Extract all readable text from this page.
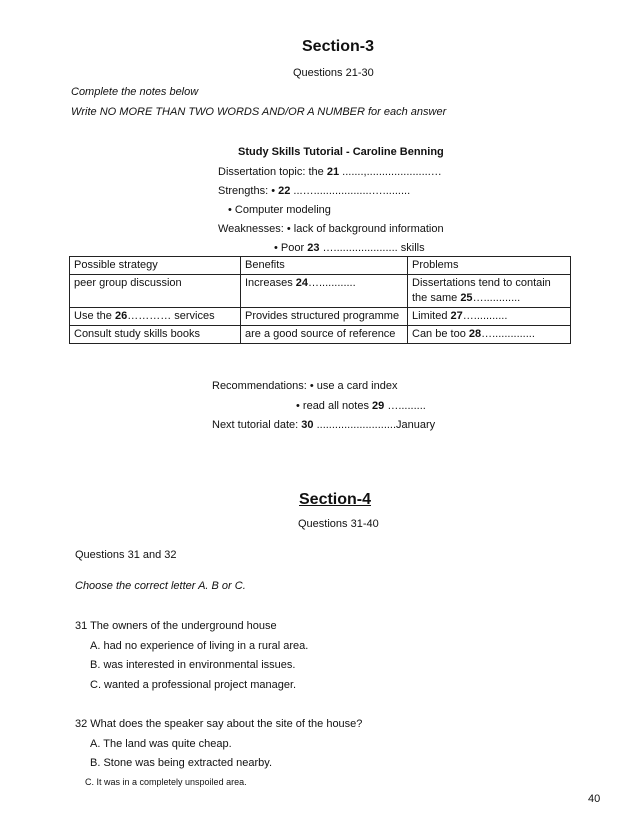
Section-3
Questions 21-30
Complete the notes below
Write NO MORE THAN TWO WORDS AND/OR A NUMBER for each answer
Study Skills Tutorial - Caroline Benning
Dissertation topic: the 21 .......,.....................…
Strengths: • 22 ...…...................….........
• Computer modeling
Weaknesses: • lack of background information
• Poor 23 …..................... skills
Possible strategy	Benefits	Problems
peer group discussion	Increases 24…............	Dissertations tend to contain the same 25…............
Use the 26………… services	Provides structured programme	Limited 27…...........
Consult study skills books	are a good source of reference	Can be too 28…..............
Recommendations: • use a card index
• read all notes 29 ….........
Next tutorial date: 30 ..........................January
Section-4
Questions 31-40
Questions 31 and 32
Choose the correct letter A. B or C.
31 The owners of the underground house
A. had no experience of living in a rural area.
B. was interested in environmental issues.
C. wanted a professional project manager.
32 What does the speaker say about the site of the house?
A. The land was quite cheap.
B. Stone was being extracted nearby.
C. It was in a completely unspoiled area.
40
